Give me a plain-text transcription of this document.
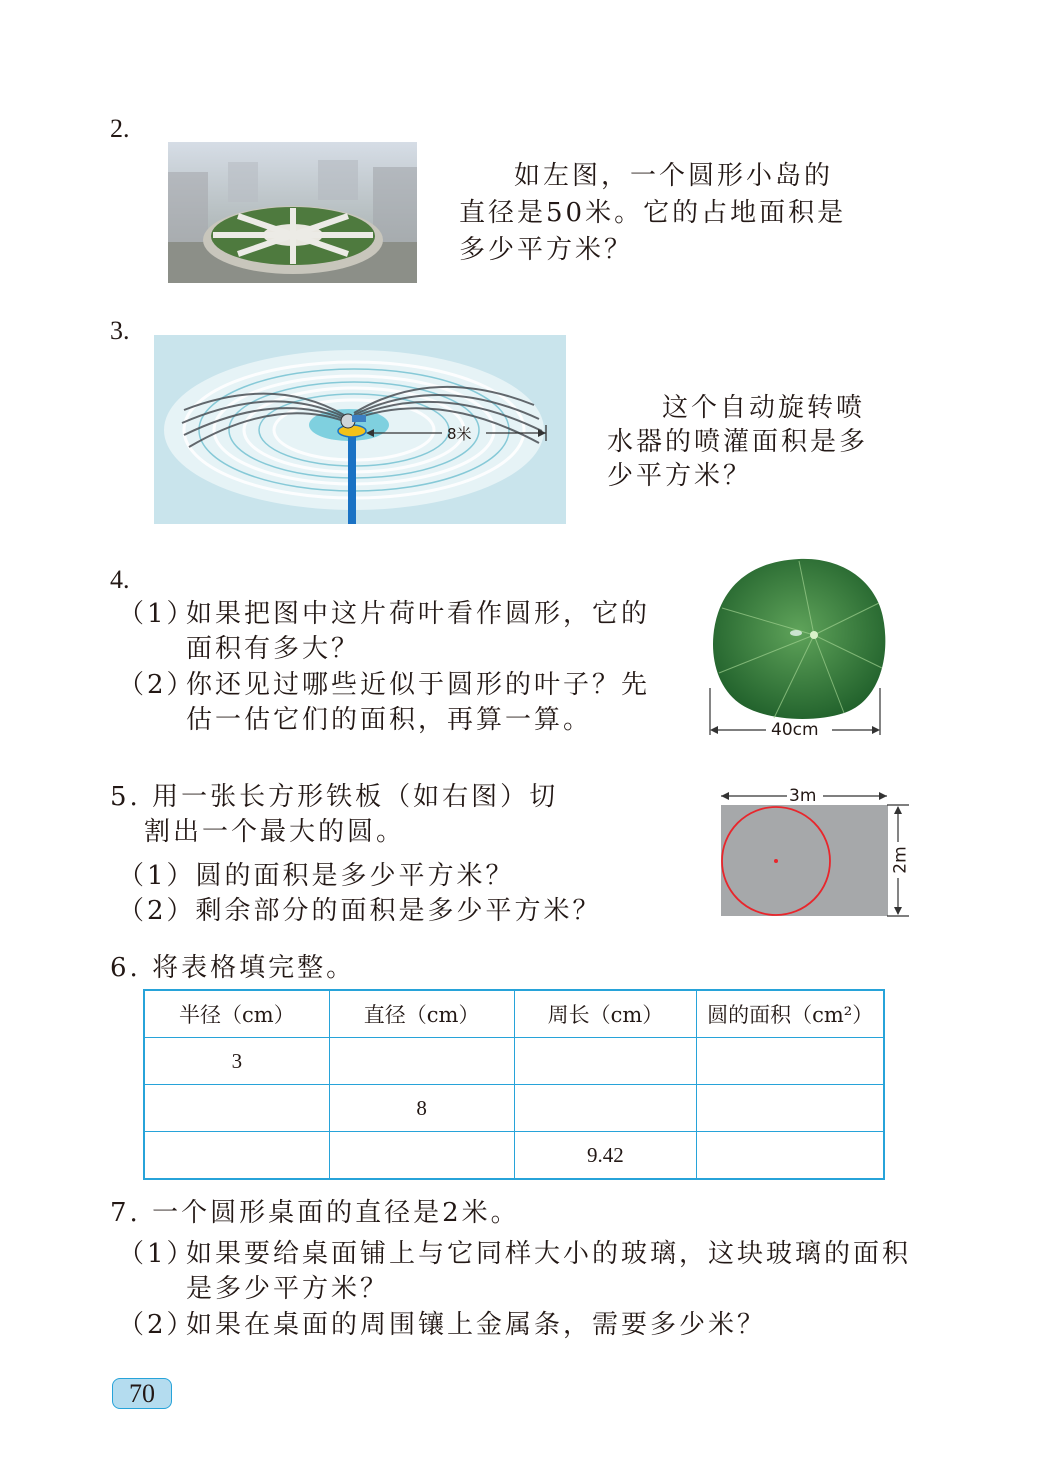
2.
如左图，一个圆形小岛的
直径是50米。它的占地面积是
多少平方米？
3.
8米
这个自动旋转喷
水器的喷灌面积是多
少平方米？
4.
（1）
如果把图中这片荷叶看作圆形，它的
面积有多大？
（2）
你还见过哪些近似于圆形的叶子？先
估一估它们的面积，再算一算。	40cm
5. 用一张长方形铁板（如右图）切
割出一个最大的圆。
（1）圆的面积是多少平方米？
（2）剩余部分的面积是多少平方米？
3m
2m
6. 将表格填完整。
半径（cm）	直径（cm）	周长（cm）	圆的面积（cm²）
3			
	8		
		9.42	
7. 一个圆形桌面的直径是2米。
（1）
如果要给桌面铺上与它同样大小的玻璃，这块玻璃的面积
是多少平方米？
（2）
如果在桌面的周围镶上金属条，需要多少米？
70
